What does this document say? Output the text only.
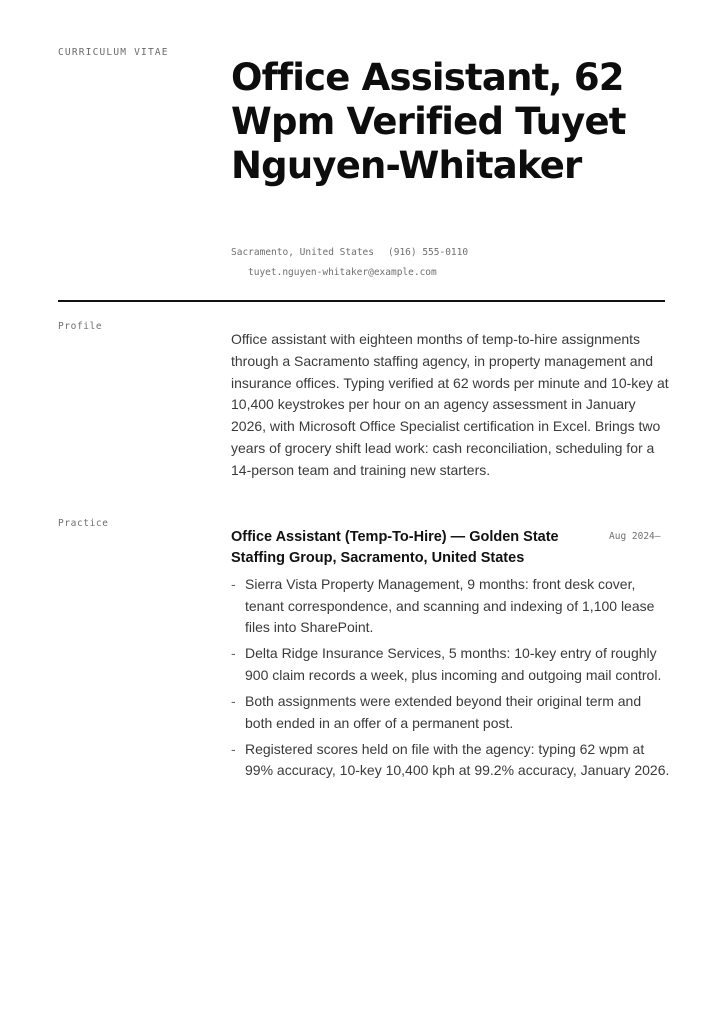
CURRICULUM VITAE
Office Assistant, 62 Wpm Verified Tuyet Nguyen-Whitaker
Sacramento, United States (916) 555-0110
tuyet.nguyen-whitaker@example.com
Profile

Office assistant with eighteen months of temp-to-hire assignments through a Sacramento staffing agency, in property management and insurance offices. Typing verified at 62 words per minute and 10-key at 10,400 keystrokes per hour on an agency assessment in January 2026, with Microsoft Office Specialist certification in Excel. Brings two years of grocery shift lead work: cash reconciliation, scheduling for a 14-person team and training new starters.

Practice
Office Assistant (Temp-To-Hire) — Golden State Staffing Group, Sacramento, United States
Aug 2024–
- Sierra Vista Property Management, 9 months: front desk cover, tenant correspondence, and scanning and indexing of 1,100 lease files into SharePoint.
- Delta Ridge Insurance Services, 5 months: 10-key entry of roughly 900 claim records a week, plus incoming and outgoing mail control.
- Both assignments were extended beyond their original term and both ended in an offer of a permanent post.
- Registered scores held on file with the agency: typing 62 wpm at 99% accuracy, 10-key 10,400 kph at 99.2% accuracy, January 2026.
